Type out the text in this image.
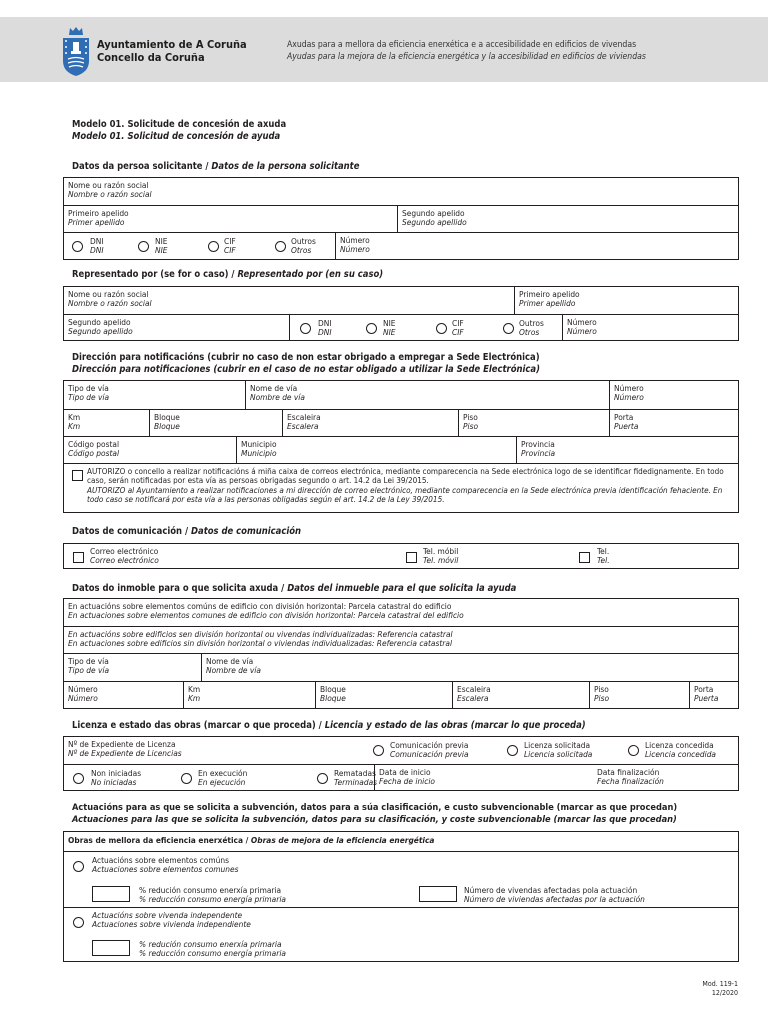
Ayuntamiento de A Coruña
Concello da Coruña
Axudas para a mellora da eficiencia enerxética e a accesibilidade en edificios de vivendas
Ayudas para la mejora de la eficiencia energética y la accesibilidad en edificios de viviendas
Modelo 01. Solicitude de concesión de axuda
Modelo 01. Solicitud de concesión de ayuda
Datos da persoa solicitante / Datos de la persona solicitante
Nome ou razón social
Nombre o razón social
Primeiro apelido
Primer apellido
Segundo apelido
Segundo apellido
DNI
DNI
NIE
NIE
CIF
CIF
Outros
Otros
Número
Número
Representado por (se for o caso) / Representado por (en su caso)
Nome ou razón social
Nombre o razón social
Primeiro apelido
Primer apellido
Segundo apelido
Segundo apellido
DNI
DNI
NIE
NIE
CIF
CIF
Outros
Otros
Número
Número
Dirección para notificacións (cubrir no caso de non estar obrigado a empregar a Sede Electrónica)
Dirección para notificaciones (cubrir en el caso de no estar obligado a utilizar la Sede Electrónica)
Tipo de vía
Tipo de vía
Nome de vía
Nombre de vía
Número
Número
Km
Km
Bloque
Bloque
Escaleira
Escalera
Piso
Piso
Porta
Puerta
Código postal
Código postal
Municipio
Municipio
Provincia
Provincia
AUTORIZO o concello a realizar notificacións á miña caixa de correos electrónica, mediante comparecencia na Sede electrónica logo de se identificar fidedignamente. En todo caso, serán notificadas por esta vía as persoas obrigadas segundo o art. 14.2 da Lei 39/2015.
AUTORIZO al Ayuntamiento a realizar notificaciones a mi dirección de correo electrónico, mediante comparecencia en la Sede electrónica previa identificación fehaciente. En todo caso se notificará por esta vía a las personas obligadas según el art. 14.2 de la Ley 39/2015.
Datos de comunicación / Datos de comunicación
Correo electrónico
Correo electrónico
Tel. móbil
Tel. móvil
Tel.
Tel.
Datos do inmoble para o que solicita axuda / Datos del inmueble para el que solicita la ayuda
En actuacións sobre elementos comúns de edificio con división horizontal: Parcela catastral do edificio
En actuaciones sobre elementos comunes de edificio con división horizontal: Parcela catastral del edificio
En actuacións sobre edificios sen división horizontal ou vivendas individualizadas: Referencia catastral
En actuaciones sobre edificios sin división horizontal o viviendas individualizadas: Referencia catastral
Tipo de vía
Tipo de vía
Nome de vía
Nombre de vía
Número
Número
Km
Km
Bloque
Bloque
Escaleira
Escalera
Piso
Piso
Porta
Puerta
Licenza e estado das obras (marcar o que proceda) / Licencia y estado de las obras (marcar lo que proceda)
Nº de Expediente de Licenza
Nº de Expediente de Licencias
Comunicación previa
Comunicación previa
Licenza solicitada
Licencia solicitada
Licenza concedida
Licencia concedida
Non iniciadas
No iniciadas
En execución
En ejecución
Rematadas
Terminadas
Data de inicio
Fecha de inicio
Data finalización
Fecha finalización
Actuacións para as que se solicita a subvención, datos para a súa clasificación, e custo subvencionable (marcar as que procedan)
Actuaciones para las que se solicita la subvención, datos para su clasificación, y coste subvencionable (marcar las que procedan)
Obras de mellora da eficiencia enerxética / Obras de mejora de la eficiencia energética
Actuacións sobre elementos comúns
Actuaciones sobre elementos comunes
% redución consumo enerxía primaria
% reducción consumo energía primaria
Número de vivendas afectadas pola actuación
Número de viviendas afectadas por la actuación
Actuacións sobre vivenda independente
Actuaciones sobre vivienda independiente
% redución consumo enerxía primaria
% reducción consumo energía primaria
Mod. 119-1
12/2020
